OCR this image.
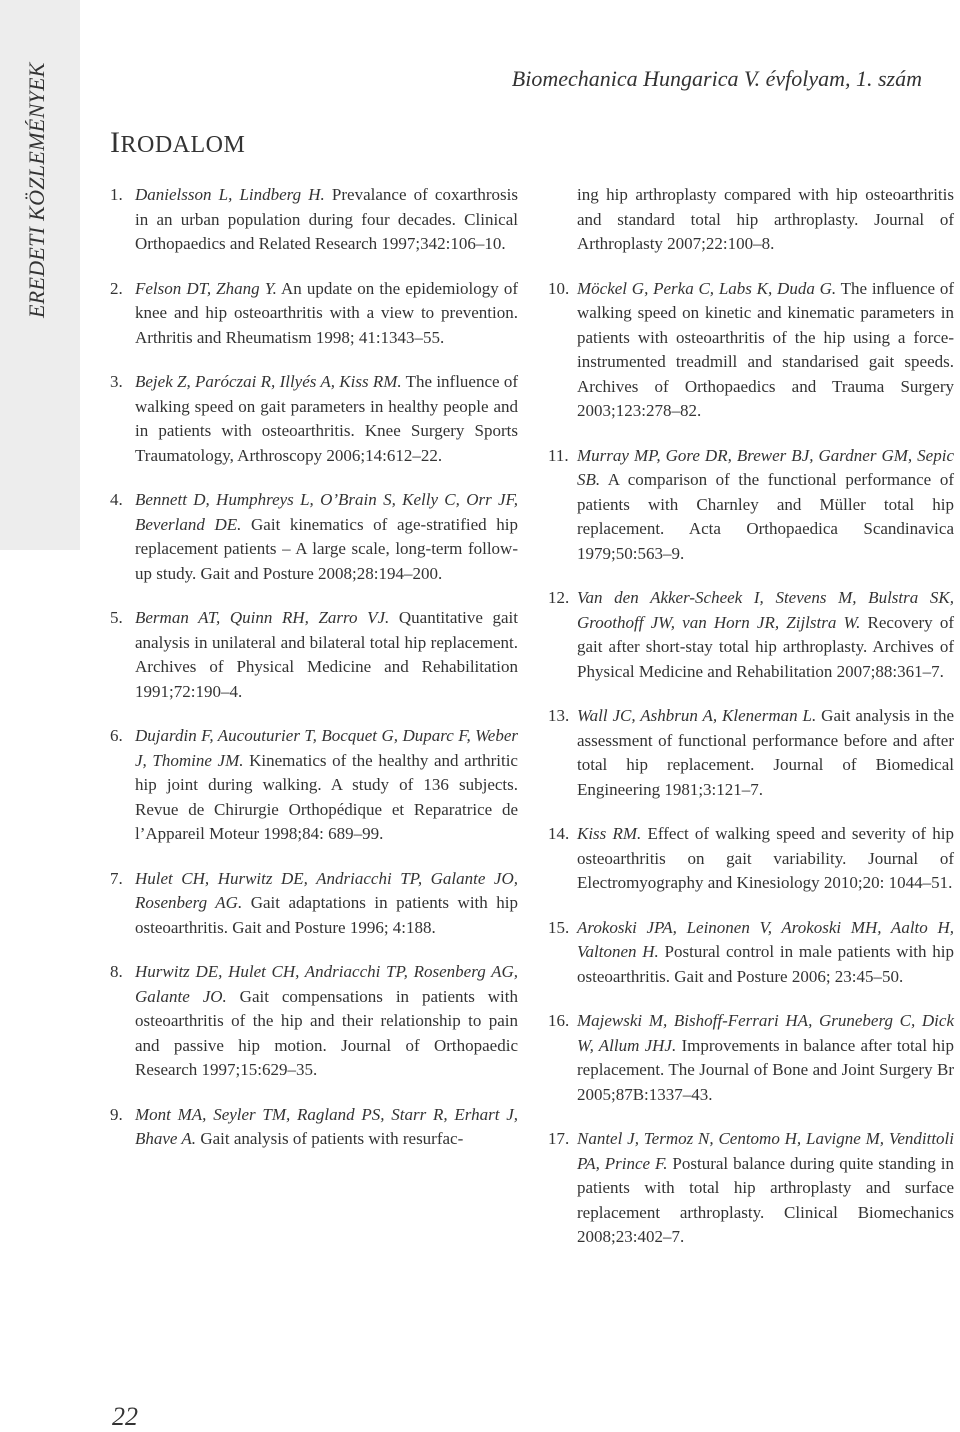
EREDETI KÖZLEMÉNYEK	Biomechanica Hungarica V. évfolyam, 1. szám
IRODALOM
1. Danielsson L, Lindberg H. Prevalance of coxarthrosis in an urban population during four decades. Clinical Orthopaedics and Related Research 1997;342:106–10.
2. Felson DT, Zhang Y. An update on the epidemiology of knee and hip osteoarthritis with a view to prevention. Arthritis and Rheumatism 1998; 41:1343–55.
3. Bejek Z, Paróczai R, Illyés A, Kiss RM. The influence of walking speed on gait parameters in healthy people and in patients with osteoarthritis. Knee Surgery Sports Traumatology, Arthroscopy 2006;14:612–22.
4. Bennett D, Humphreys L, O’Brain S, Kelly C, Orr JF, Beverland DE. Gait kinematics of age-stratified hip replacement patients – A large scale, long-term follow-up study. Gait and Posture 2008;28:194–200.
5. Berman AT, Quinn RH, Zarro VJ. Quantitative gait analysis in unilateral and bilateral total hip replacement. Archives of Physical Medicine and Rehabilitation 1991;72:190–4.
6. Dujardin F, Aucouturier T, Bocquet G, Duparc F, Weber J, Thomine JM. Kinematics of the healthy and arthritic hip joint during walking. A study of 136 subjects. Revue de Chirurgie Orthopédique et Reparatrice de l’Appareil Moteur 1998;84: 689–99.
7. Hulet CH, Hurwitz DE, Andriacchi TP, Galante JO, Rosenberg AG. Gait adaptations in patients with hip osteoarthritis. Gait and Posture 1996; 4:188.
8. Hurwitz DE, Hulet CH, Andriacchi TP, Rosenberg AG, Galante JO. Gait compensations in patients with osteoarthritis of the hip and their relationship to pain and passive hip motion. Journal of Orthopaedic Research 1997;15:629–35.
9. Mont MA, Seyler TM, Ragland PS, Starr R, Erhart J, Bhave A. Gait analysis of patients with resurfac-
ing hip arthroplasty compared with hip osteoarthritis and standard total hip arthroplasty. Journal of Arthroplasty 2007;22:100–8.
10. Möckel G, Perka C, Labs K, Duda G. The influence of walking speed on kinetic and kinematic parameters in patients with osteoarthritis of the hip using a force-instrumented treadmill and standarised gait speeds. Archives of Orthopaedics and Trauma Surgery 2003;123:278–82.
11. Murray MP, Gore DR, Brewer BJ, Gardner GM, Sepic SB. A comparison of the functional performance of patients with Charnley and Müller total hip replacement. Acta Orthopaedica Scandinavica 1979;50:563–9.
12. Van den Akker-Scheek I, Stevens M, Bulstra SK, Groothoff JW, van Horn JR, Zijlstra W. Recovery of gait after short-stay total hip arthroplasty. Archives of Physical Medicine and Rehabilitation 2007;88:361–7.
13. Wall JC, Ashbrun A, Klenerman L. Gait analysis in the assessment of functional performance before and after total hip replacement. Journal of Biomedical Engineering 1981;3:121–7.
14. Kiss RM. Effect of walking speed and severity of hip osteoarthritis on gait variability. Journal of Electromyography and Kinesiology 2010;20: 1044–51.
15. Arokoski JPA, Leinonen V, Arokoski MH, Aalto H, Valtonen H. Postural control in male patients with hip osteoarthritis. Gait and Posture 2006; 23:45–50.
16. Majewski M, Bishoff-Ferrari HA, Gruneberg C, Dick W, Allum JHJ. Improvements in balance after total hip replacement. The Journal of Bone and Joint Surgery Br 2005;87B:1337–43.
17. Nantel J, Termoz N, Centomo H, Lavigne M, Vendittoli PA, Prince F. Postural balance during quite standing in patients with total hip arthroplasty and surface replacement arthroplasty. Clinical Biomechanics 2008;23:402–7.
22
